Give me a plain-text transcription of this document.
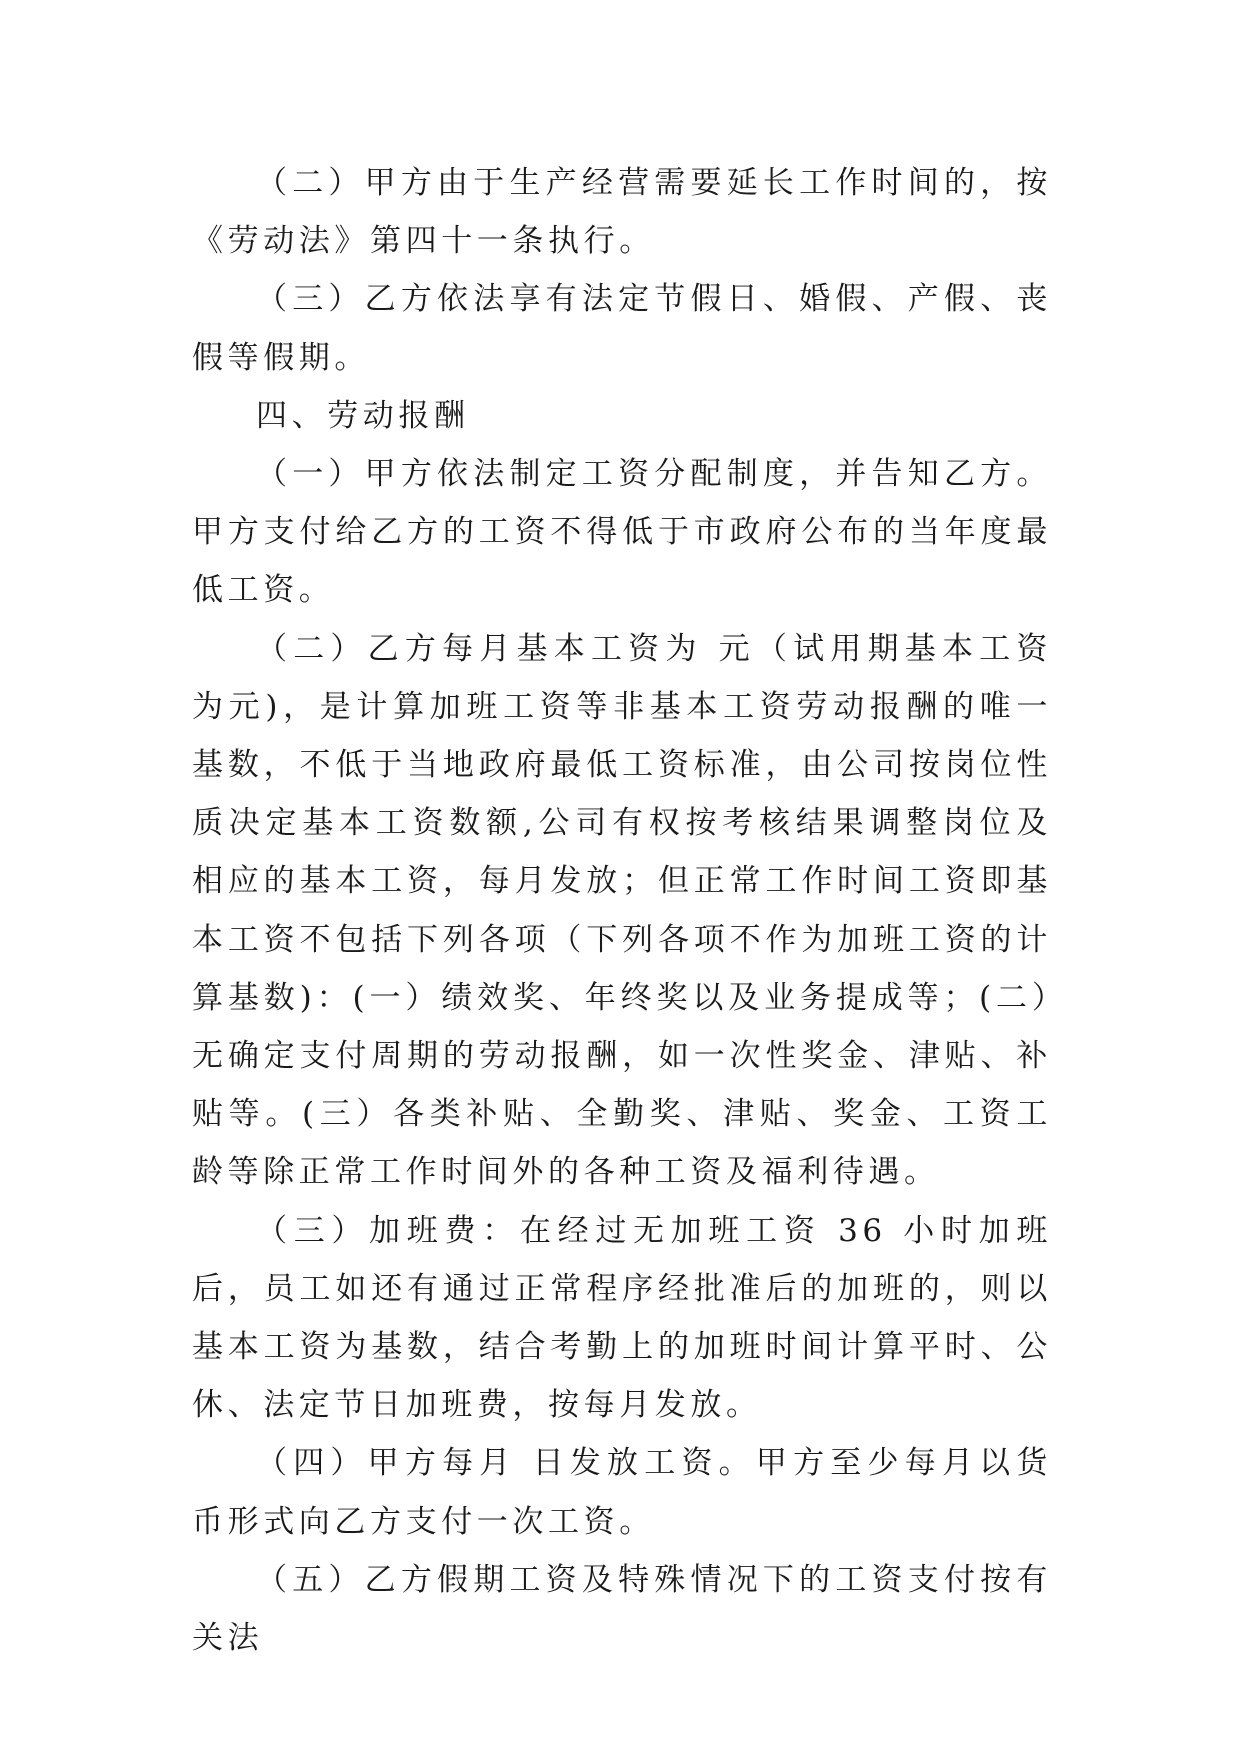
（二）甲方由于生产经营需要延长工作时间的，按《劳动法》第四十一条执行。

（三）乙方依法享有法定节假日、婚假、产假、丧假等假期。

四、劳动报酬

（一）甲方依法制定工资分配制度，并告知乙方。甲方支付给乙方的工资不得低于市政府公布的当年度最低工资。

（二）乙方每月基本工资为 元（试用期基本工资为元)，是计算加班工资等非基本工资劳动报酬的唯一基数，不低于当地政府最低工资标准，由公司按岗位性质决定基本工资数额,公司有权按考核结果调整岗位及相应的基本工资，每月发放；但正常工作时间工资即基本工资不包括下列各项（下列各项不作为加班工资的计算基数)：(一）绩效奖、年终奖以及业务提成等；(二）无确定支付周期的劳动报酬，如一次性奖金、津贴、补贴等。(三）各类补贴、全勤奖、津贴、奖金、工资工龄等除正常工作时间外的各种工资及福利待遇。

（三）加班费：在经过无加班工资 36 小时加班后，员工如还有通过正常程序经批准后的加班的，则以基本工资为基数，结合考勤上的加班时间计算平时、公休、法定节日加班费，按每月发放。

（四）甲方每月 日发放工资。甲方至少每月以货币形式向乙方支付一次工资。

（五）乙方假期工资及特殊情况下的工资支付按有关法
